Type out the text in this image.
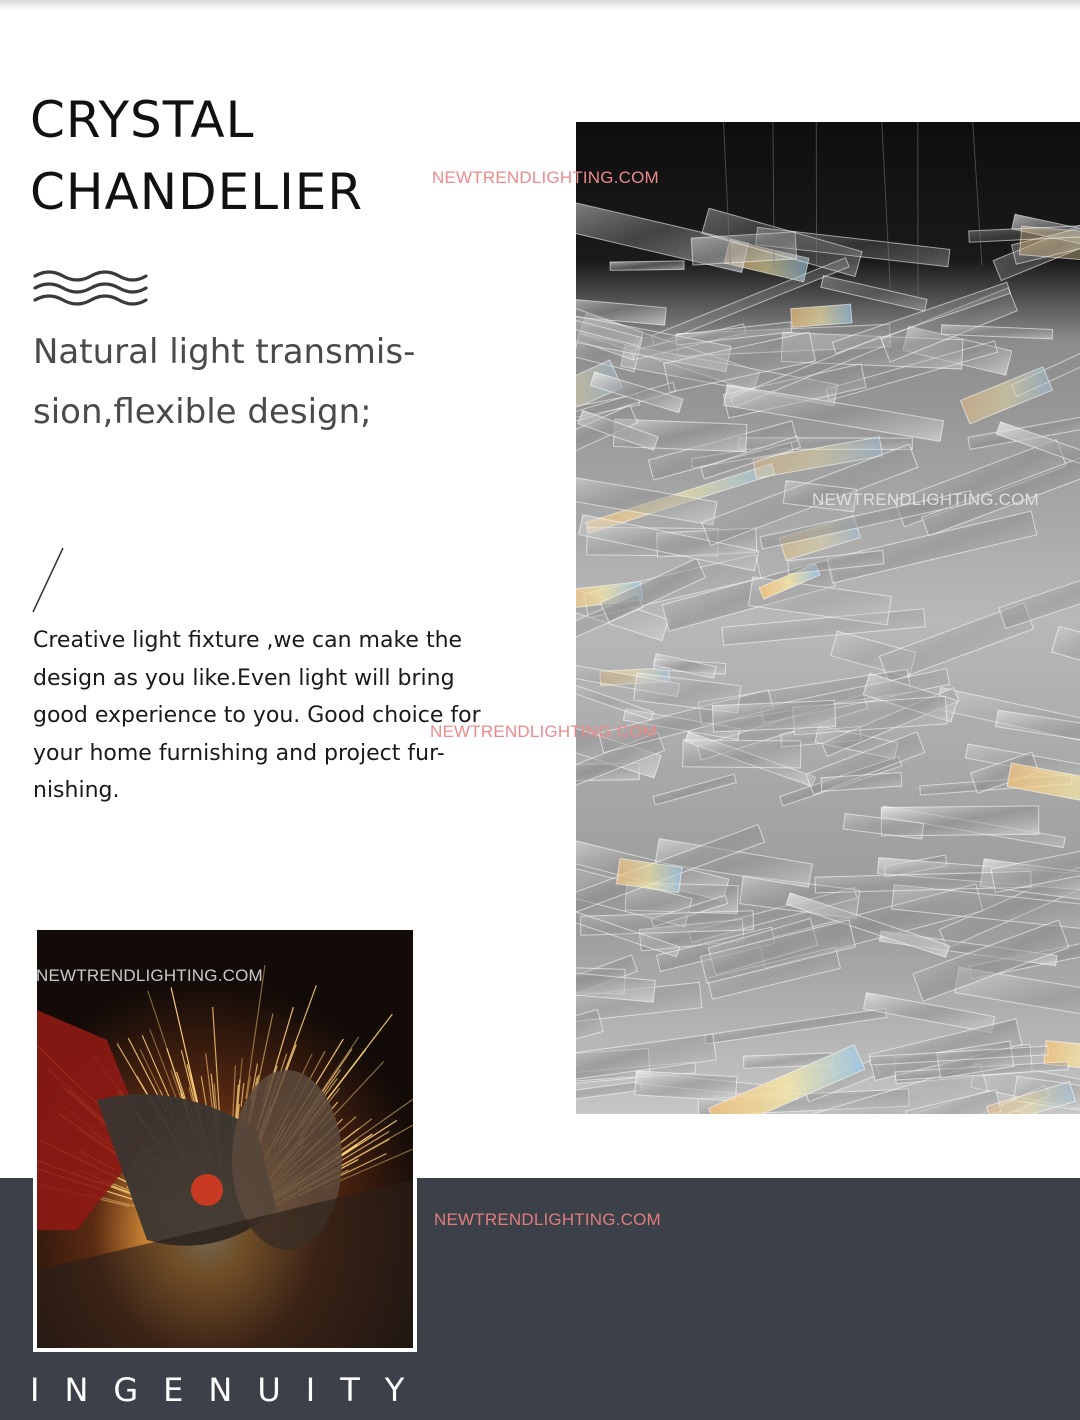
CRYSTAL
CHANDELIER

Natural light transmis-
sion,flexible design;

Creative light fixture ,we can make the
design as you like.Even light will bring
good experience to you. Good choice for
your home furnishing and project fur-
nishing.

INGENUITY

NEWTRENDLIGHTING.COM
NEWTRENDLIGHTING.COM
NEWTRENDLIGHTING.COM
NEWTRENDLIGHTING.COM
NEWTRENDLIGHTING.COM
